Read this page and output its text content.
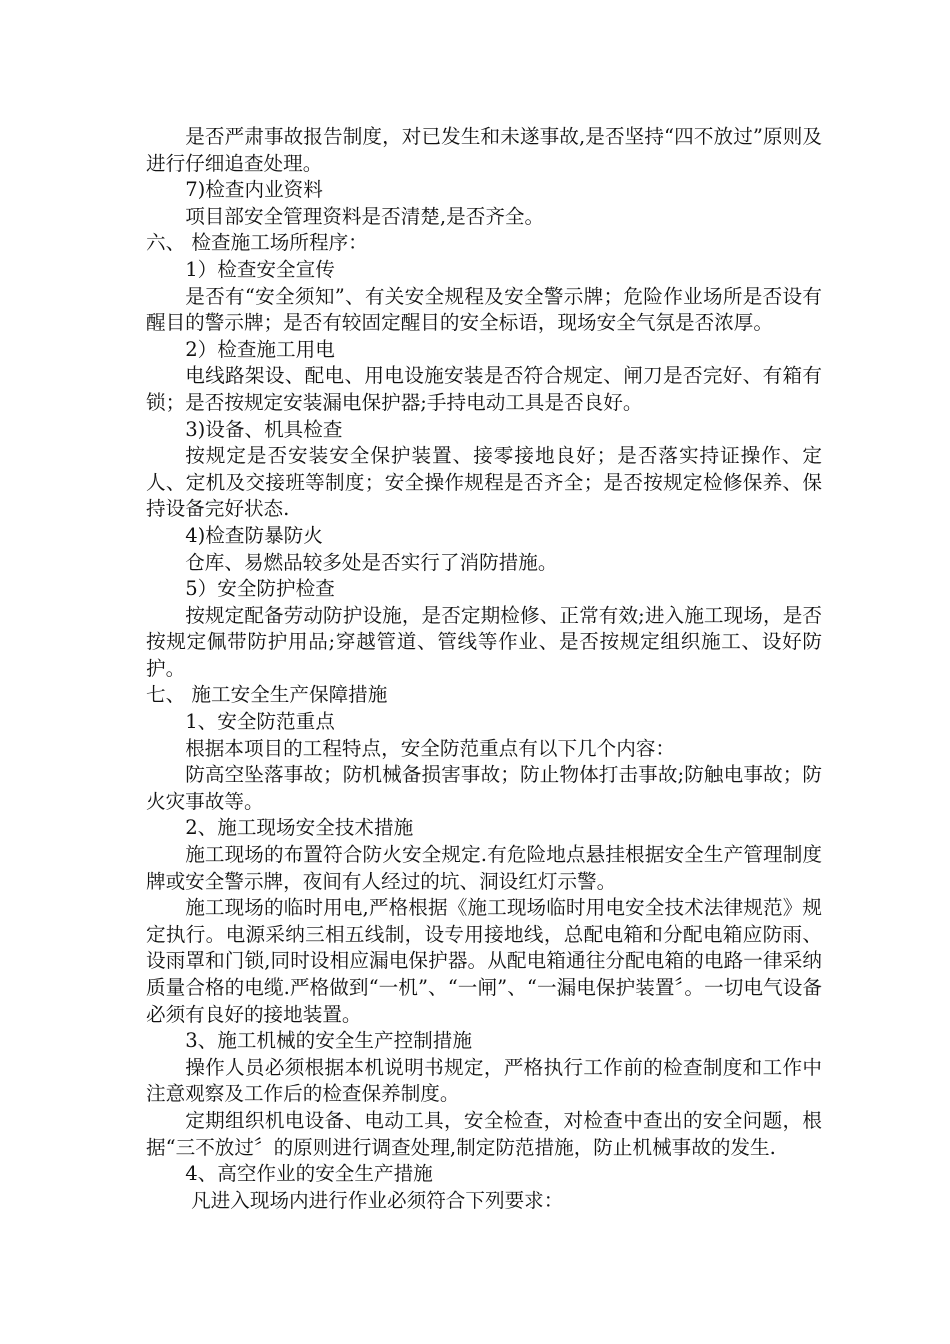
是否严肃事故报告制度，对已发生和未遂事故,是否坚持“四不放过”原则及进行仔细追查处理。

7)检查内业资料

项目部安全管理资料是否清楚,是否齐全。

六、 检查施工场所程序：

1）检查安全宣传

是否有“安全须知”、有关安全规程及安全警示牌；危险作业场所是否设有醒目的警示牌；是否有较固定醒目的安全标语，现场安全气氛是否浓厚。

2）检查施工用电

电线路架设、配电、用电设施安装是否符合规定、闸刀是否完好、有箱有锁；是否按规定安装漏电保护器;手持电动工具是否良好。

3)设备、机具检查

按规定是否安装安全保护装置、接零接地良好；是否落实持证操作、定人、定机及交接班等制度；安全操作规程是否齐全；是否按规定检修保养、保持设备完好状态.

4)检查防暴防火

仓库、易燃品较多处是否实行了消防措施。

5）安全防护检查

按规定配备劳动防护设施，是否定期检修、正常有效;进入施工现场，是否按规定佩带防护用品;穿越管道、管线等作业、是否按规定组织施工、设好防护。

七、 施工安全生产保障措施

1、安全防范重点

根据本项目的工程特点，安全防范重点有以下几个内容：

防高空坠落事故；防机械备损害事故；防止物体打击事故;防触电事故；防火灾事故等。

2、施工现场安全技术措施

施工现场的布置符合防火安全规定.有危险地点悬挂根据安全生产管理制度牌或安全警示牌，夜间有人经过的坑、洞设红灯示警。

施工现场的临时用电,严格根据《施工现场临时用电安全技术法律规范》规定执行。电源采纳三相五线制，设专用接地线，总配电箱和分配电箱应防雨、设雨罩和门锁,同时设相应漏电保护器。从配电箱通往分配电箱的电路一律采纳质量合格的电缆.严格做到“一机”、“一闸”、“一漏电保护装置〞。一切电气设备必须有良好的接地装置。

3、施工机械的安全生产控制措施

操作人员必须根据本机说明书规定，严格执行工作前的检查制度和工作中注意观察及工作后的检查保养制度。

定期组织机电设备、电动工具，安全检查，对检查中查出的安全问题，根据“三不放过〞的原则进行调查处理,制定防范措施，防止机械事故的发生.

4、高空作业的安全生产措施

凡进入现场内进行作业必须符合下列要求：
